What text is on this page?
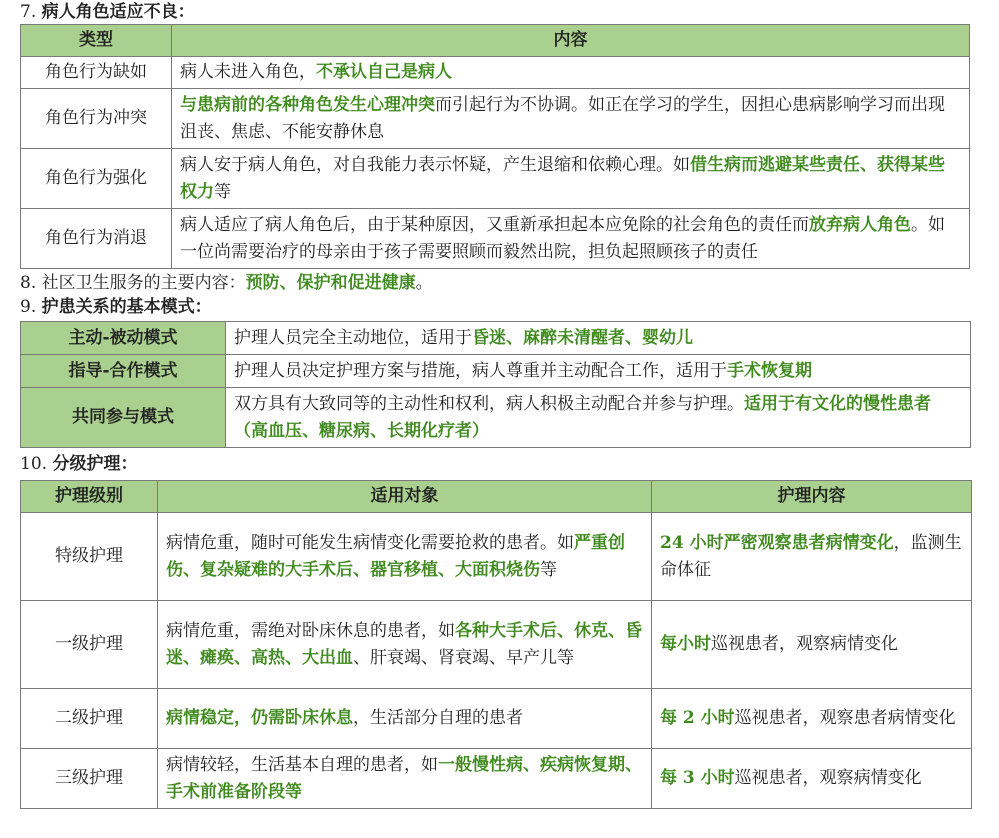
7. 病人角色适应不良：

类型	内容
角色行为缺如	病人未进入角色，不承认自己是病人
角色行为冲突	与患病前的各种角色发生心理冲突而引起行为不协调。如正在学习的学生，因担心患病影响学习而出现沮丧、焦虑、不能安静休息
角色行为强化	病人安于病人角色，对自我能力表示怀疑，产生退缩和依赖心理。如借生病而逃避某些责任、获得某些权力等
角色行为消退	病人适应了病人角色后，由于某种原因，又重新承担起本应免除的社会角色的责任而放弃病人角色。如一位尚需要治疗的母亲由于孩子需要照顾而毅然出院，担负起照顾孩子的责任

8. 社区卫生服务的主要内容：预防、保护和促进健康。

9. 护患关系的基本模式：

主动-被动模式	护理人员完全主动地位，适用于昏迷、麻醉未清醒者、婴幼儿
指导-合作模式	护理人员决定护理方案与措施，病人尊重并主动配合工作，适用于手术恢复期
共同参与模式	双方具有大致同等的主动性和权利，病人积极主动配合并参与护理。适用于有文化的慢性患者（高血压、糖尿病、长期化疗者）

10. 分级护理：

护理级别	适用对象	护理内容
特级护理	病情危重，随时可能发生病情变化需要抢救的患者。如严重创伤、复杂疑难的大手术后、器官移植、大面积烧伤等	24 小时严密观察患者病情变化，监测生命体征
一级护理	病情危重，需绝对卧床休息的患者，如各种大手术后、休克、昏迷、瘫痪、高热、大出血、肝衰竭、肾衰竭、早产儿等	每小时巡视患者，观察病情变化
二级护理	病情稳定，仍需卧床休息，生活部分自理的患者	每 2 小时巡视患者，观察患者病情变化
三级护理	病情较轻，生活基本自理的患者，如一般慢性病、疾病恢复期、手术前准备阶段等	每 3 小时巡视患者，观察病情变化
